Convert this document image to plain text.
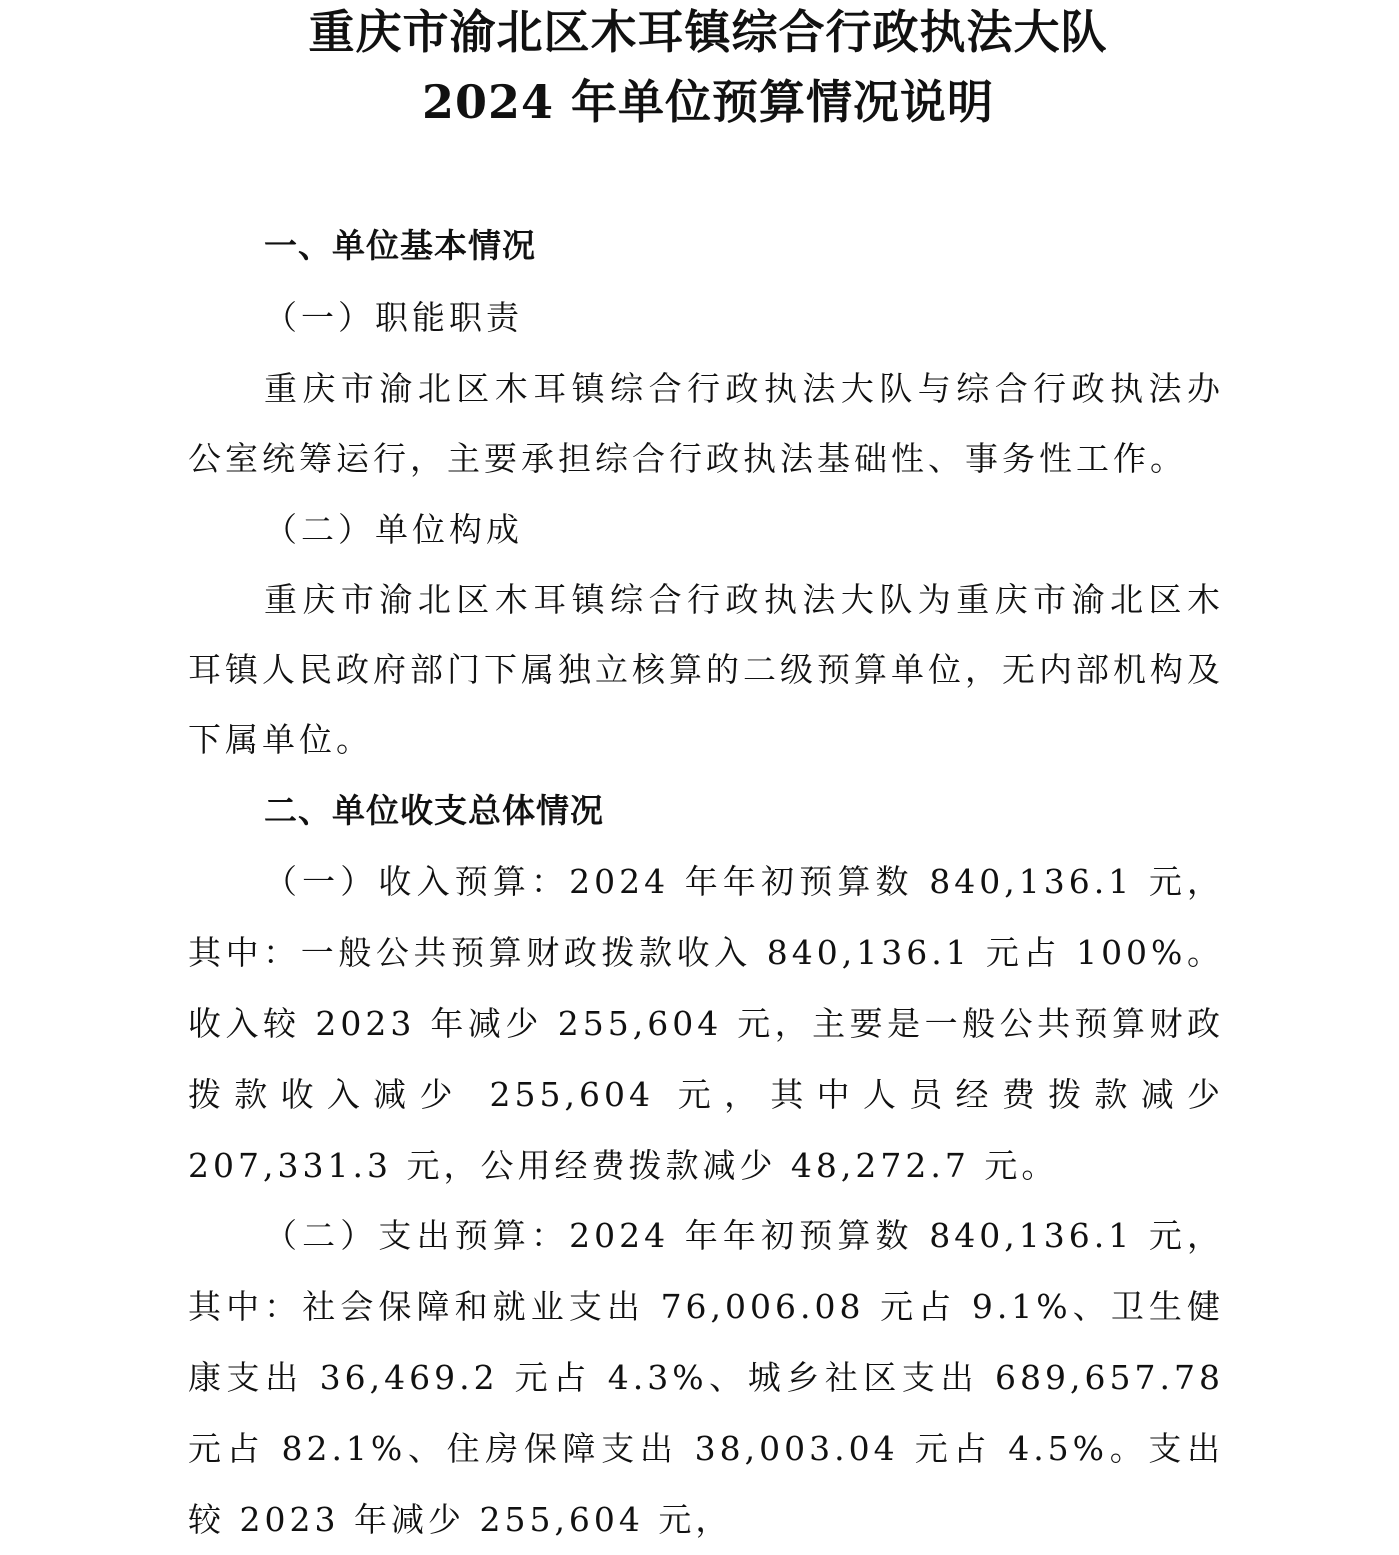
重庆市渝北区木耳镇综合行政执法大队
2024 年单位预算情况说明
一、单位基本情况
（一）职能职责

重庆市渝北区木耳镇综合行政执法大队与综合行政执法办公室统筹运行，主要承担综合行政执法基础性、事务性工作。

（二）单位构成

重庆市渝北区木耳镇综合行政执法大队为重庆市渝北区木耳镇人民政府部门下属独立核算的二级预算单位，无内部机构及下属单位。

二、单位收支总体情况

（一）收入预算：2024 年年初预算数 840,136.1 元，其中：一般公共预算财政拨款收入 840,136.1 元占 100%。收入较 2023 年减少 255,604 元，主要是一般公共预算财政拨款收入减少 255,604 元，其中人员经费拨款减少 207,331.3 元，公用经费拨款减少 48,272.7 元。

（二）支出预算：2024 年年初预算数 840,136.1 元，其中：社会保障和就业支出 76,006.08 元占 9.1%、卫生健康支出 36,469.2 元占 4.3%、城乡社区支出 689,657.78 元占 82.1%、住房保障支出 38,003.04 元占 4.5%。支出较 2023 年减少 255,604 元，
